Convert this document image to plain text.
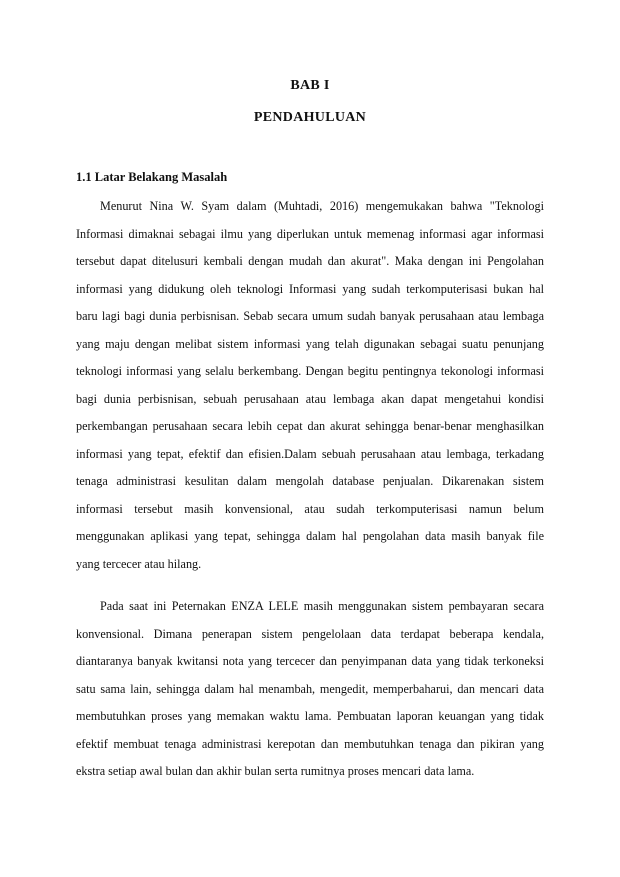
BAB I
PENDAHULUAN
1.1 Latar Belakang Masalah
Menurut Nina W. Syam dalam (Muhtadi, 2016) mengemukakan bahwa "Teknologi
Informasi dimaknai sebagai ilmu yang diperlukan untuk memenag informasi agar informasi
tersebut dapat ditelusuri kembali dengan mudah dan akurat". Maka dengan ini Pengolahan
informasi yang didukung oleh teknologi Informasi yang sudah terkomputerisasi bukan hal
baru lagi bagi dunia perbisnisan. Sebab secara umum sudah banyak perusahaan atau lembaga
yang maju dengan melibat sistem informasi yang telah digunakan sebagai suatu penunjang
teknologi informasi yang selalu berkembang. Dengan begitu pentingnya tekonologi informasi
bagi dunia perbisnisan, sebuah perusahaan atau lembaga akan dapat mengetahui kondisi
perkembangan perusahaan secara lebih cepat dan akurat sehingga benar-benar menghasilkan
informasi yang tepat, efektif dan efisien.Dalam sebuah perusahaan atau lembaga, terkadang
tenaga administrasi kesulitan dalam mengolah database penjualan. Dikarenakan sistem
informasi tersebut masih konvensional, atau sudah terkomputerisasi namun belum
menggunakan aplikasi yang tepat, sehingga dalam hal pengolahan data masih banyak file
yang tercecer atau hilang.
Pada saat ini Peternakan ENZA LELE masih menggunakan sistem pembayaran secara
konvensional. Dimana penerapan sistem pengelolaan data terdapat beberapa kendala,
diantaranya banyak kwitansi nota yang tercecer dan penyimpanan data yang tidak terkoneksi
satu sama lain, sehingga dalam hal menambah, mengedit, memperbaharui, dan mencari data
membutuhkan proses yang memakan waktu lama. Pembuatan laporan keuangan yang tidak
efektif membuat tenaga administrasi kerepotan dan membutuhkan tenaga dan pikiran yang
ekstra setiap awal bulan dan akhir bulan serta rumitnya proses mencari data lama.
